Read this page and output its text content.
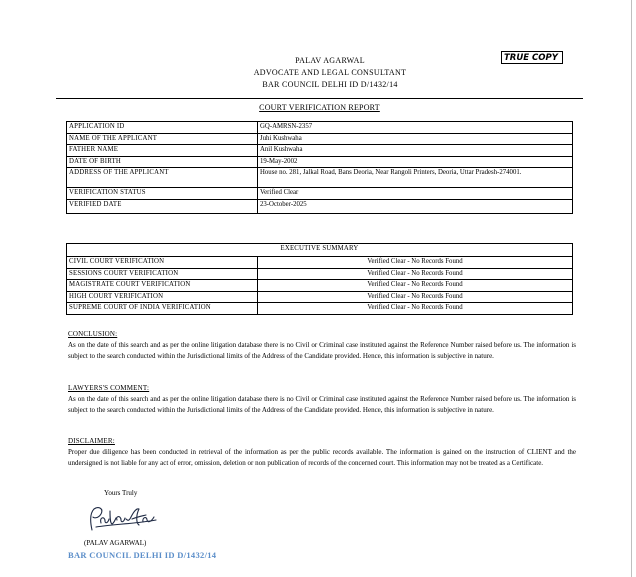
PALAV AGARWAL
ADVOCATE AND LEGAL CONSULTANT
BAR COUNCIL DELHI ID D/1432/14
TRUE COPY
COURT VERIFICATION REPORT
APPLICATION ID	GQ-AMRSN-2357
NAME OF THE APPLICANT	Juhi Kushwaha
FATHER NAME	Anil Kushwaha
DATE OF BIRTH	19-May-2002
ADDRESS OF THE APPLICANT	House no. 281, Jalkal Road, Bans Deoria, Near Rangoli Printers, Deoria, Uttar Pradesh-274001.
VERIFICATION STATUS	Verified Clear
VERIFIED DATE	23-October-2025
EXECUTIVE SUMMARY	
CIVIL COURT VERIFICATION	Verified Clear - No Records Found
SESSIONS COURT VERIFICATION	Verified Clear - No Records Found
MAGISTRATE COURT VERIFICATION	Verified Clear - No Records Found
HIGH COURT VERIFICATION	Verified Clear - No Records Found
SUPREME COURT OF INDIA VERIFICATION	Verified Clear - No Records Found
CONCLUSION:

As on the date of this search and as per the online litigation database there is no Civil or Criminal case instituted against the Reference Number raised before us. The information is subject to the search conducted within the Jurisdictional limits of the Address of the Candidate provided. Hence, this information is subjective in nature.

LAWYERS'S COMMENT:

As on the date of this search and as per the online litigation database there is no Civil or Criminal case instituted against the Reference Number raised before us. The information is subject to the search conducted within the Jurisdictional limits of the Address of the Candidate provided. Hence, this information is subjective in nature.

DISCLAIMER:

Proper due diligence has been conducted in retrieval of the information as per the public records available. The information is gained on the instruction of CLIENT and the undersigned is not liable for any act of error, omission, deletion or non publication of records of the concerned court. This information may not be treated as a Certificate.

Yours Truly
(PALAV AGARWAL)
BAR COUNCIL DELHI ID D/1432/14
